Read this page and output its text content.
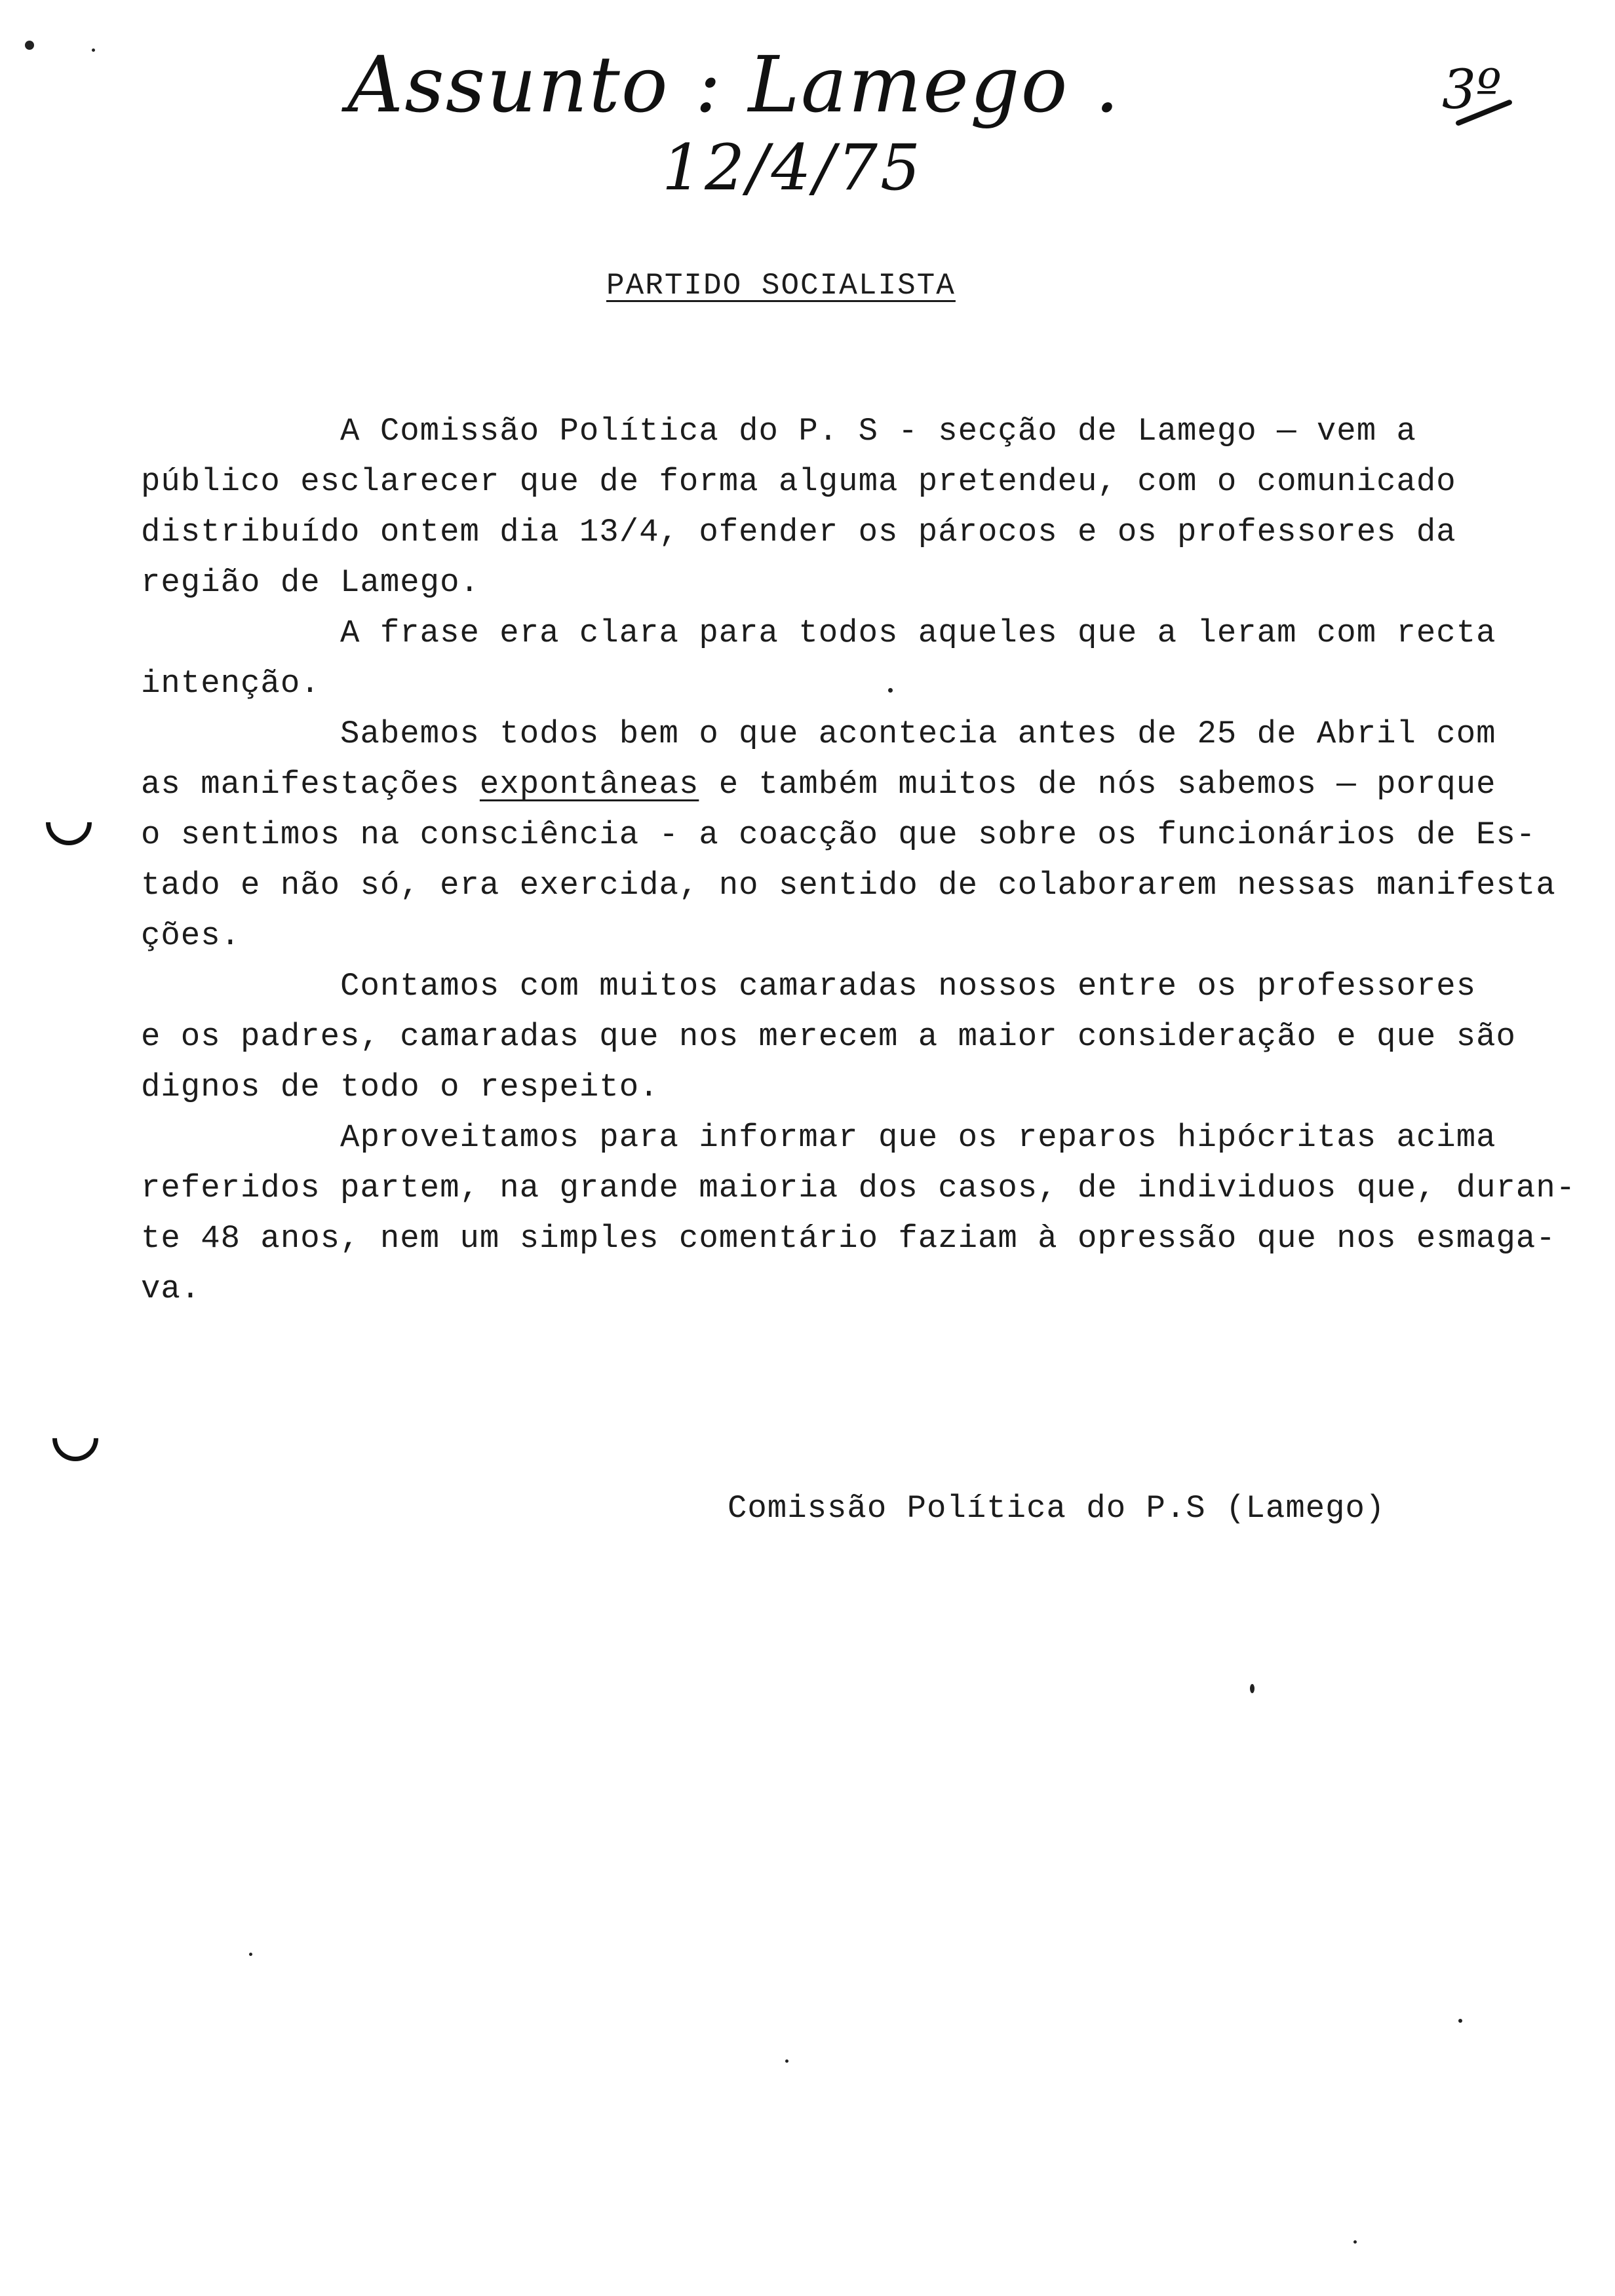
Assunto : Lamego .
12/4/75
3º
PARTIDO SOCIALISTA
A Comissão Política do P. S - secção de Lamego — vem a
público esclarecer que de forma alguma pretendeu, com o comunicado
distribuído ontem dia 13/4, ofender os párocos e os professores da
região de Lamego.
A frase era clara para todos aqueles que a leram com recta
intenção.
Sabemos todos bem o que acontecia antes de 25 de Abril com
as manifestações expontâneas e também muitos de nós sabemos — porque
o sentimos na consciência - a coacção que sobre os funcionários de Es-
tado e não só, era exercida, no sentido de colaborarem nessas manifesta
ções.
Contamos com muitos camaradas nossos entre os professores
e os padres, camaradas que nos merecem a maior consideração e que são
dignos de todo o respeito.
Aproveitamos para informar que os reparos hipócritas acima
referidos partem, na grande maioria dos casos, de individuos que, duran-
te 48 anos, nem um simples comentário faziam à opressão que nos esmaga-
va.
Comissão Política do P.S (Lamego)
